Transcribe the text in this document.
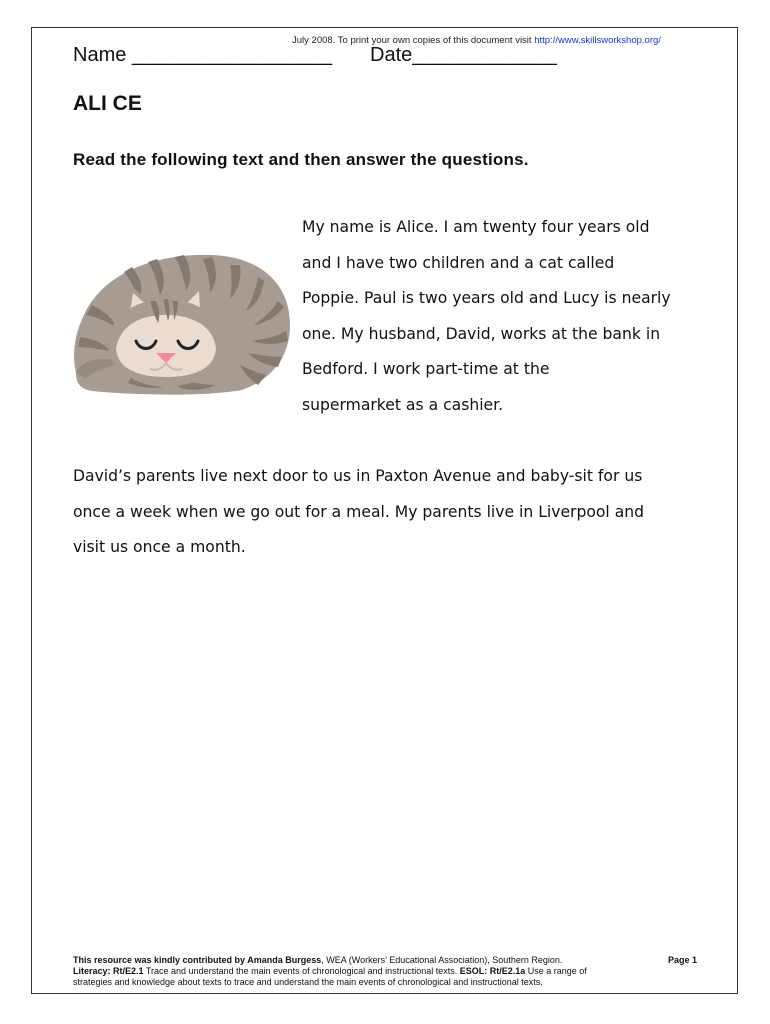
July 2008. To print your own copies of this document visit http://www.skillsworkshop.org/
Name __________________ Date_____________
ALI CE
Read the following text and then answer the questions.

My name is Alice. I am twenty four years old
and I have two children and a cat called
Poppie. Paul is two years old and Lucy is nearly
one. My husband, David, works at the bank in
Bedford. I work part-time at the
supermarket as a cashier.

David’s parents live next door to us in Paxton Avenue and baby-sit for us
once a week when we go out for a meal. My parents live in Liverpool and
visit us once a month.

This resource was kindly contributed by Amanda Burgess, WEA (Workers’ Educational Association), Southern Region.	Page 1
Literacy: Rt/E2.1 Trace and understand the main events of chronological and instructional texts. ESOL: Rt/E2.1a Use a range of
strategies and knowledge about texts to trace and understand the main events of chronological and instructional texts.
